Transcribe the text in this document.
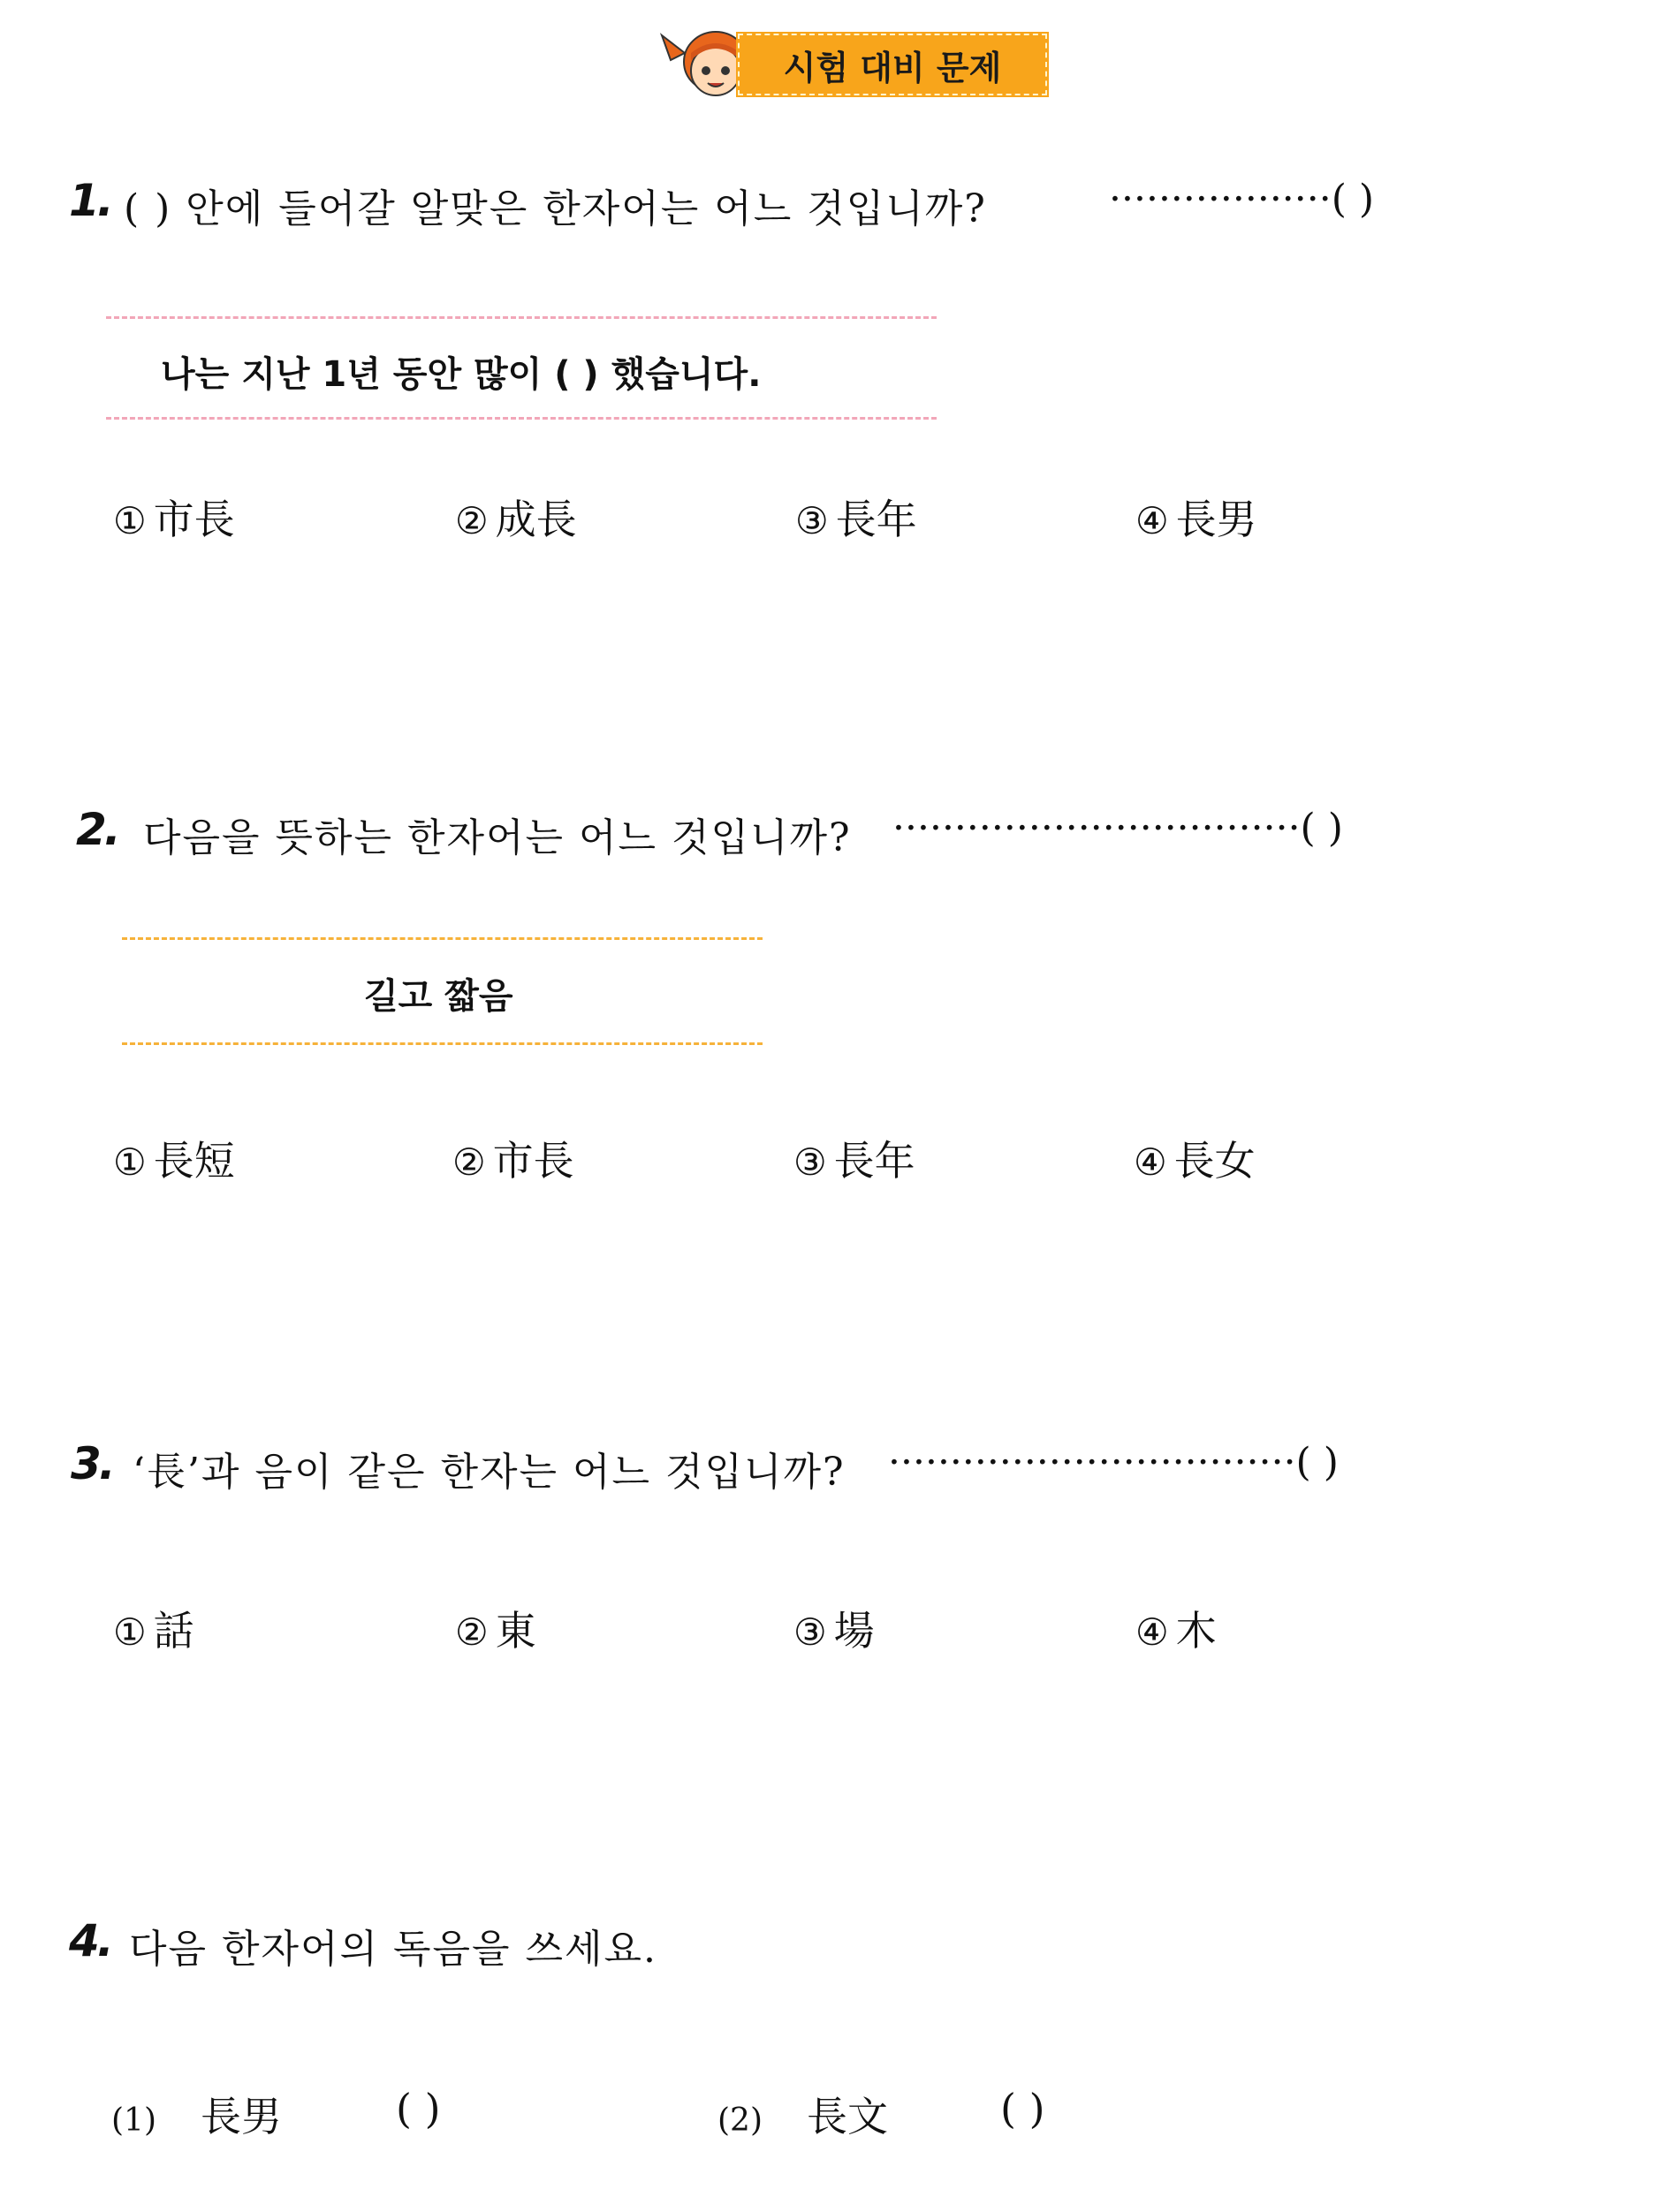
시험 대비 문제
1. ( ) 안에 들어갈 알맞은 한자어는 어느 것입니까?	··················( )
나는 지난 1년 동안 많이 ( ) 했습니다.
① 市長	② 成長	③ 長年	④ 長男
2. 다음을 뜻하는 한자어는 어느 것입니까? ·································( )
길고 짧음
① 長短	② 市長	③ 長年	④ 長女
3. ‘長’과 음이 같은 한자는 어느 것입니까? ·································( )
① 話	② 東	③ 場	④ 木
4. 다음 한자어의 독음을 쓰세요.
(1) 長男	( )	(2) 長文	( )
